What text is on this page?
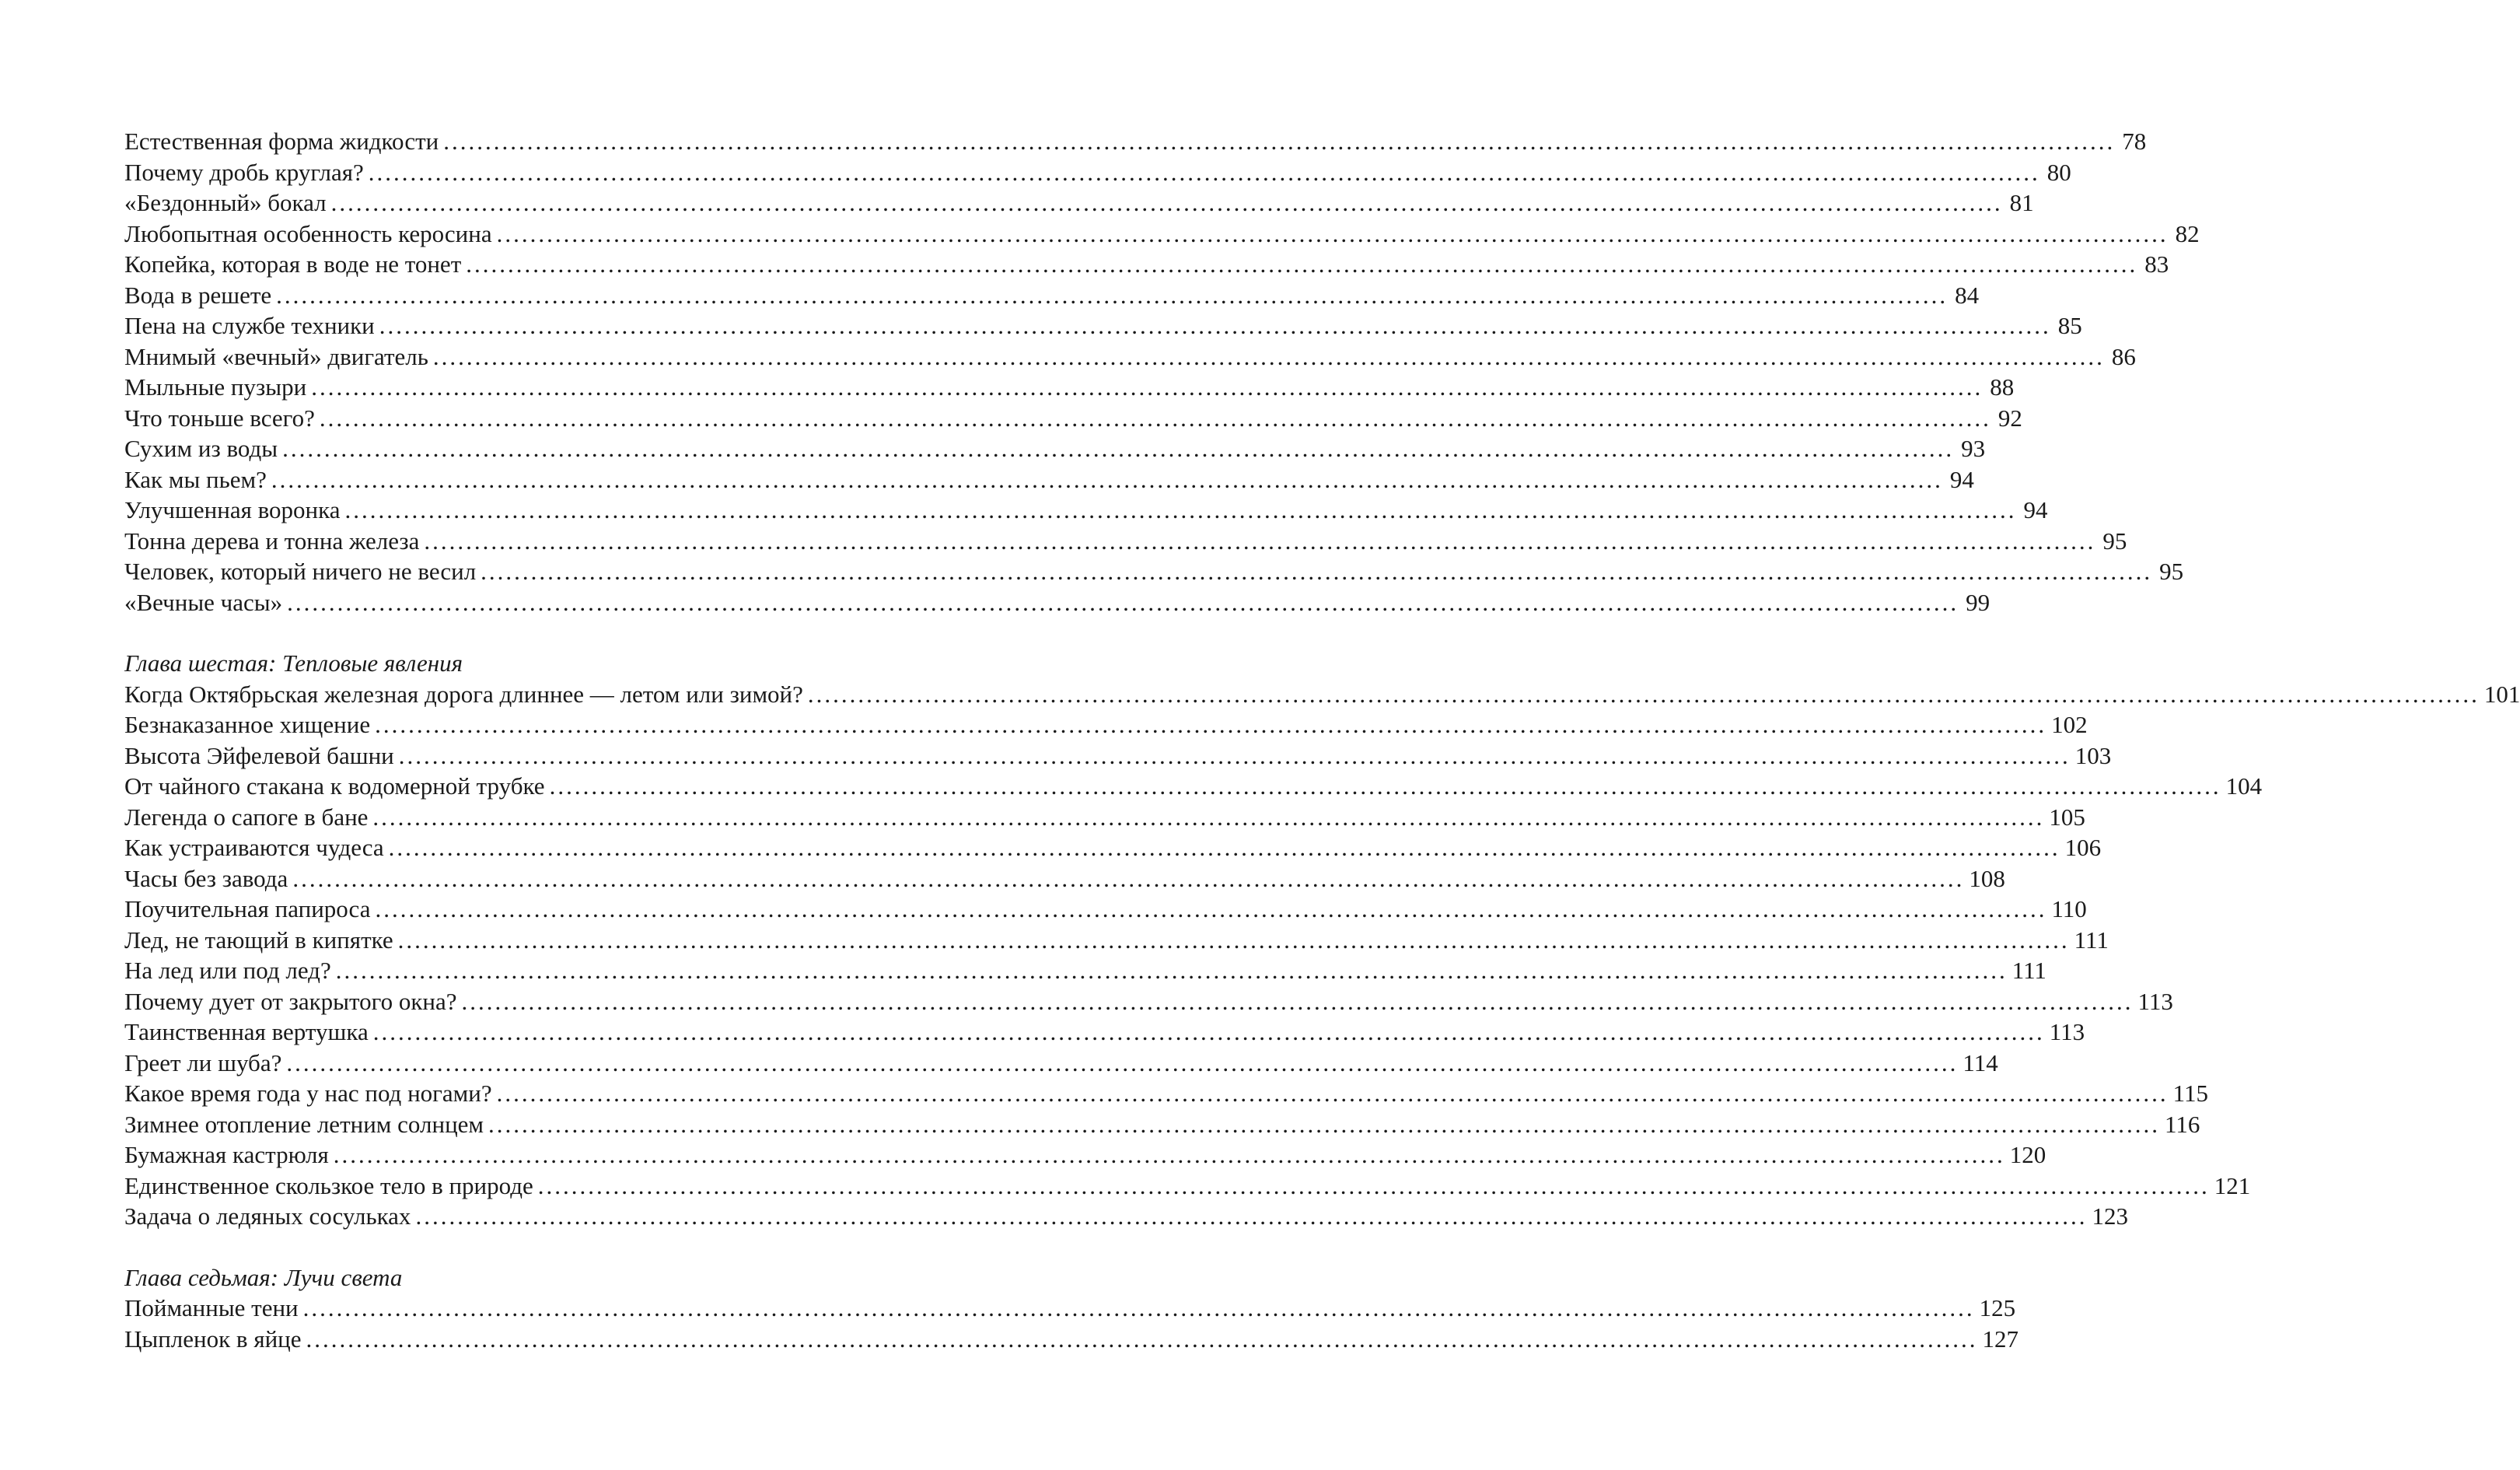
Естественная форма жидкости ........................................................................................................................................................................................................ 78
Почему дробь круглая? ........................................................................................................................................................................................................ 80
«Бездонный» бокал ........................................................................................................................................................................................................ 81
Любопытная особенность керосина ........................................................................................................................................................................................................ 82
Копейка, которая в воде не тонет ........................................................................................................................................................................................................ 83
Вода в решете ........................................................................................................................................................................................................ 84
Пена на службе техники ........................................................................................................................................................................................................ 85
Мнимый «вечный» двигатель ........................................................................................................................................................................................................ 86
Мыльные пузыри ........................................................................................................................................................................................................ 88
Что тоньше всего? ........................................................................................................................................................................................................ 92
Сухим из воды ........................................................................................................................................................................................................ 93
Как мы пьем? ........................................................................................................................................................................................................ 94
Улучшенная воронка ........................................................................................................................................................................................................ 94
Тонна дерева и тонна железа ........................................................................................................................................................................................................ 95
Человек, который ничего не весил ........................................................................................................................................................................................................ 95
«Вечные часы» ........................................................................................................................................................................................................ 99
Глава шестая: Тепловые явления
Когда Октябрьская железная дорога длиннее — летом или зимой? ........................................................................................................................................................................................................ 101
Безнаказанное хищение ........................................................................................................................................................................................................ 102
Высота Эйфелевой башни ........................................................................................................................................................................................................ 103
От чайного стакана к водомерной трубке ........................................................................................................................................................................................................ 104
Легенда о сапоге в бане ........................................................................................................................................................................................................ 105
Как устраиваются чудеса ........................................................................................................................................................................................................ 106
Часы без завода ........................................................................................................................................................................................................ 108
Поучительная папироса ........................................................................................................................................................................................................ 110
Лед, не тающий в кипятке ........................................................................................................................................................................................................ 111
На лед или под лед? ........................................................................................................................................................................................................ 111
Почему дует от закрытого окна? ........................................................................................................................................................................................................ 113
Таинственная вертушка ........................................................................................................................................................................................................ 113
Греет ли шуба? ........................................................................................................................................................................................................ 114
Какое время года у нас под ногами? ........................................................................................................................................................................................................ 115
Зимнее отопление летним солнцем ........................................................................................................................................................................................................ 116
Бумажная кастрюля ........................................................................................................................................................................................................ 120
Единственное скользкое тело в природе ........................................................................................................................................................................................................ 121
Задача о ледяных сосульках ........................................................................................................................................................................................................ 123
Глава седьмая: Лучи света
Пойманные тени ........................................................................................................................................................................................................ 125
Цыпленок в яйце ........................................................................................................................................................................................................ 127
